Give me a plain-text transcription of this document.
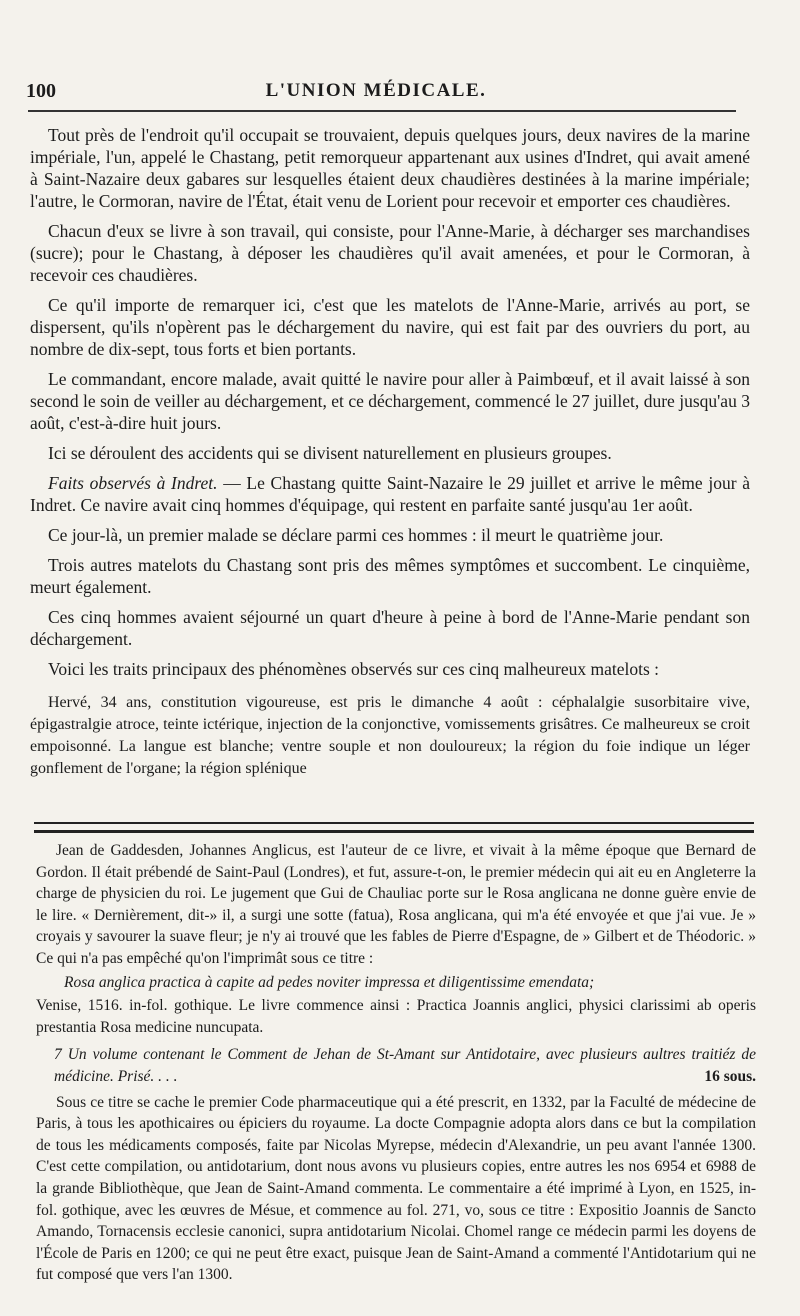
100	L'UNION MÉDICALE.

Tout près de l'endroit qu'il occupait se trouvaient, depuis quelques jours, deux navires de la marine impériale, l'un, appelé le Chastang, petit remorqueur appartenant aux usines d'Indret, qui avait amené à Saint-Nazaire deux gabares sur lesquelles étaient deux chaudières destinées à la marine impériale; l'autre, le Cormoran, navire de l'État, était venu de Lorient pour recevoir et emporter ces chaudières.

Chacun d'eux se livre à son travail, qui consiste, pour l'Anne-Marie, à décharger ses marchandises (sucre); pour le Chastang, à déposer les chaudières qu'il avait amenées, et pour le Cormoran, à recevoir ces chaudières.

Ce qu'il importe de remarquer ici, c'est que les matelots de l'Anne-Marie, arrivés au port, se dispersent, qu'ils n'opèrent pas le déchargement du navire, qui est fait par des ouvriers du port, au nombre de dix-sept, tous forts et bien portants.

Le commandant, encore malade, avait quitté le navire pour aller à Paimbœuf, et il avait laissé à son second le soin de veiller au déchargement, et ce déchargement, commencé le 27 juillet, dure jusqu'au 3 août, c'est-à-dire huit jours.

Ici se déroulent des accidents qui se divisent naturellement en plusieurs groupes.

Faits observés à Indret. — Le Chastang quitte Saint-Nazaire le 29 juillet et arrive le même jour à Indret. Ce navire avait cinq hommes d'équipage, qui restent en parfaite santé jusqu'au 1er août.

Ce jour-là, un premier malade se déclare parmi ces hommes : il meurt le quatrième jour.

Trois autres matelots du Chastang sont pris des mêmes symptômes et succombent. Le cinquième, meurt également.

Ces cinq hommes avaient séjourné un quart d'heure à peine à bord de l'Anne-Marie pendant son déchargement.

Voici les traits principaux des phénomènes observés sur ces cinq malheureux matelots :

Hervé, 34 ans, constitution vigoureuse, est pris le dimanche 4 août : céphalalgie susorbitaire vive, épigastralgie atroce, teinte ictérique, injection de la conjonctive, vomissements grisâtres. Ce malheureux se croit empoisonné. La langue est blanche; ventre souple et non douloureux; la région du foie indique un léger gonflement de l'organe; la région splénique

Jean de Gaddesden, Johannes Anglicus, est l'auteur de ce livre, et vivait à la même époque que Bernard de Gordon. Il était prébendé de Saint-Paul (Londres), et fut, assure-t-on, le premier médecin qui ait eu en Angleterre la charge de physicien du roi. Le jugement que Gui de Chauliac porte sur le Rosa anglicana ne donne guère envie de le lire. « Dernièrement, dit-» il, a surgi une sotte (fatua), Rosa anglicana, qui m'a été envoyée et que j'ai vue. Je » croyais y savourer la suave fleur; je n'y ai trouvé que les fables de Pierre d'Espagne, de » Gilbert et de Théodoric. » Ce qui n'a pas empêché qu'on l'imprimât sous ce titre :

Rosa anglica practica à capite ad pedes noviter impressa et diligentissime emendata;

Venise, 1516. in-fol. gothique. Le livre commence ainsi : Practica Joannis anglici, physici clarissimi ab operis prestantia Rosa medicine nuncupata.

7 Un volume contenant le Comment de Jehan de St-Amant sur Antidotaire, avec plusieurs aultres traitiéz de médicine. Prisé. . . .	16 sous.

Sous ce titre se cache le premier Code pharmaceutique qui a été prescrit, en 1332, par la Faculté de médecine de Paris, à tous les apothicaires ou épiciers du royaume. La docte Compagnie adopta alors dans ce but la compilation de tous les médicaments composés, faite par Nicolas Myrepse, médecin d'Alexandrie, un peu avant l'année 1300. C'est cette compilation, ou antidotarium, dont nous avons vu plusieurs copies, entre autres les nos 6954 et 6988 de la grande Bibliothèque, que Jean de Saint-Amand commenta. Le commentaire a été imprimé à Lyon, en 1525, in-fol. gothique, avec les œuvres de Mésue, et commence au fol. 271, vo, sous ce titre : Expositio Joannis de Sancto Amando, Tornacensis ecclesie canonici, supra antidotarium Nicolai. Chomel range ce médecin parmi les doyens de l'École de Paris en 1200; ce qui ne peut être exact, puisque Jean de Saint-Amand a commenté l'Antidotarium qui ne fut composé que vers l'an 1300.
